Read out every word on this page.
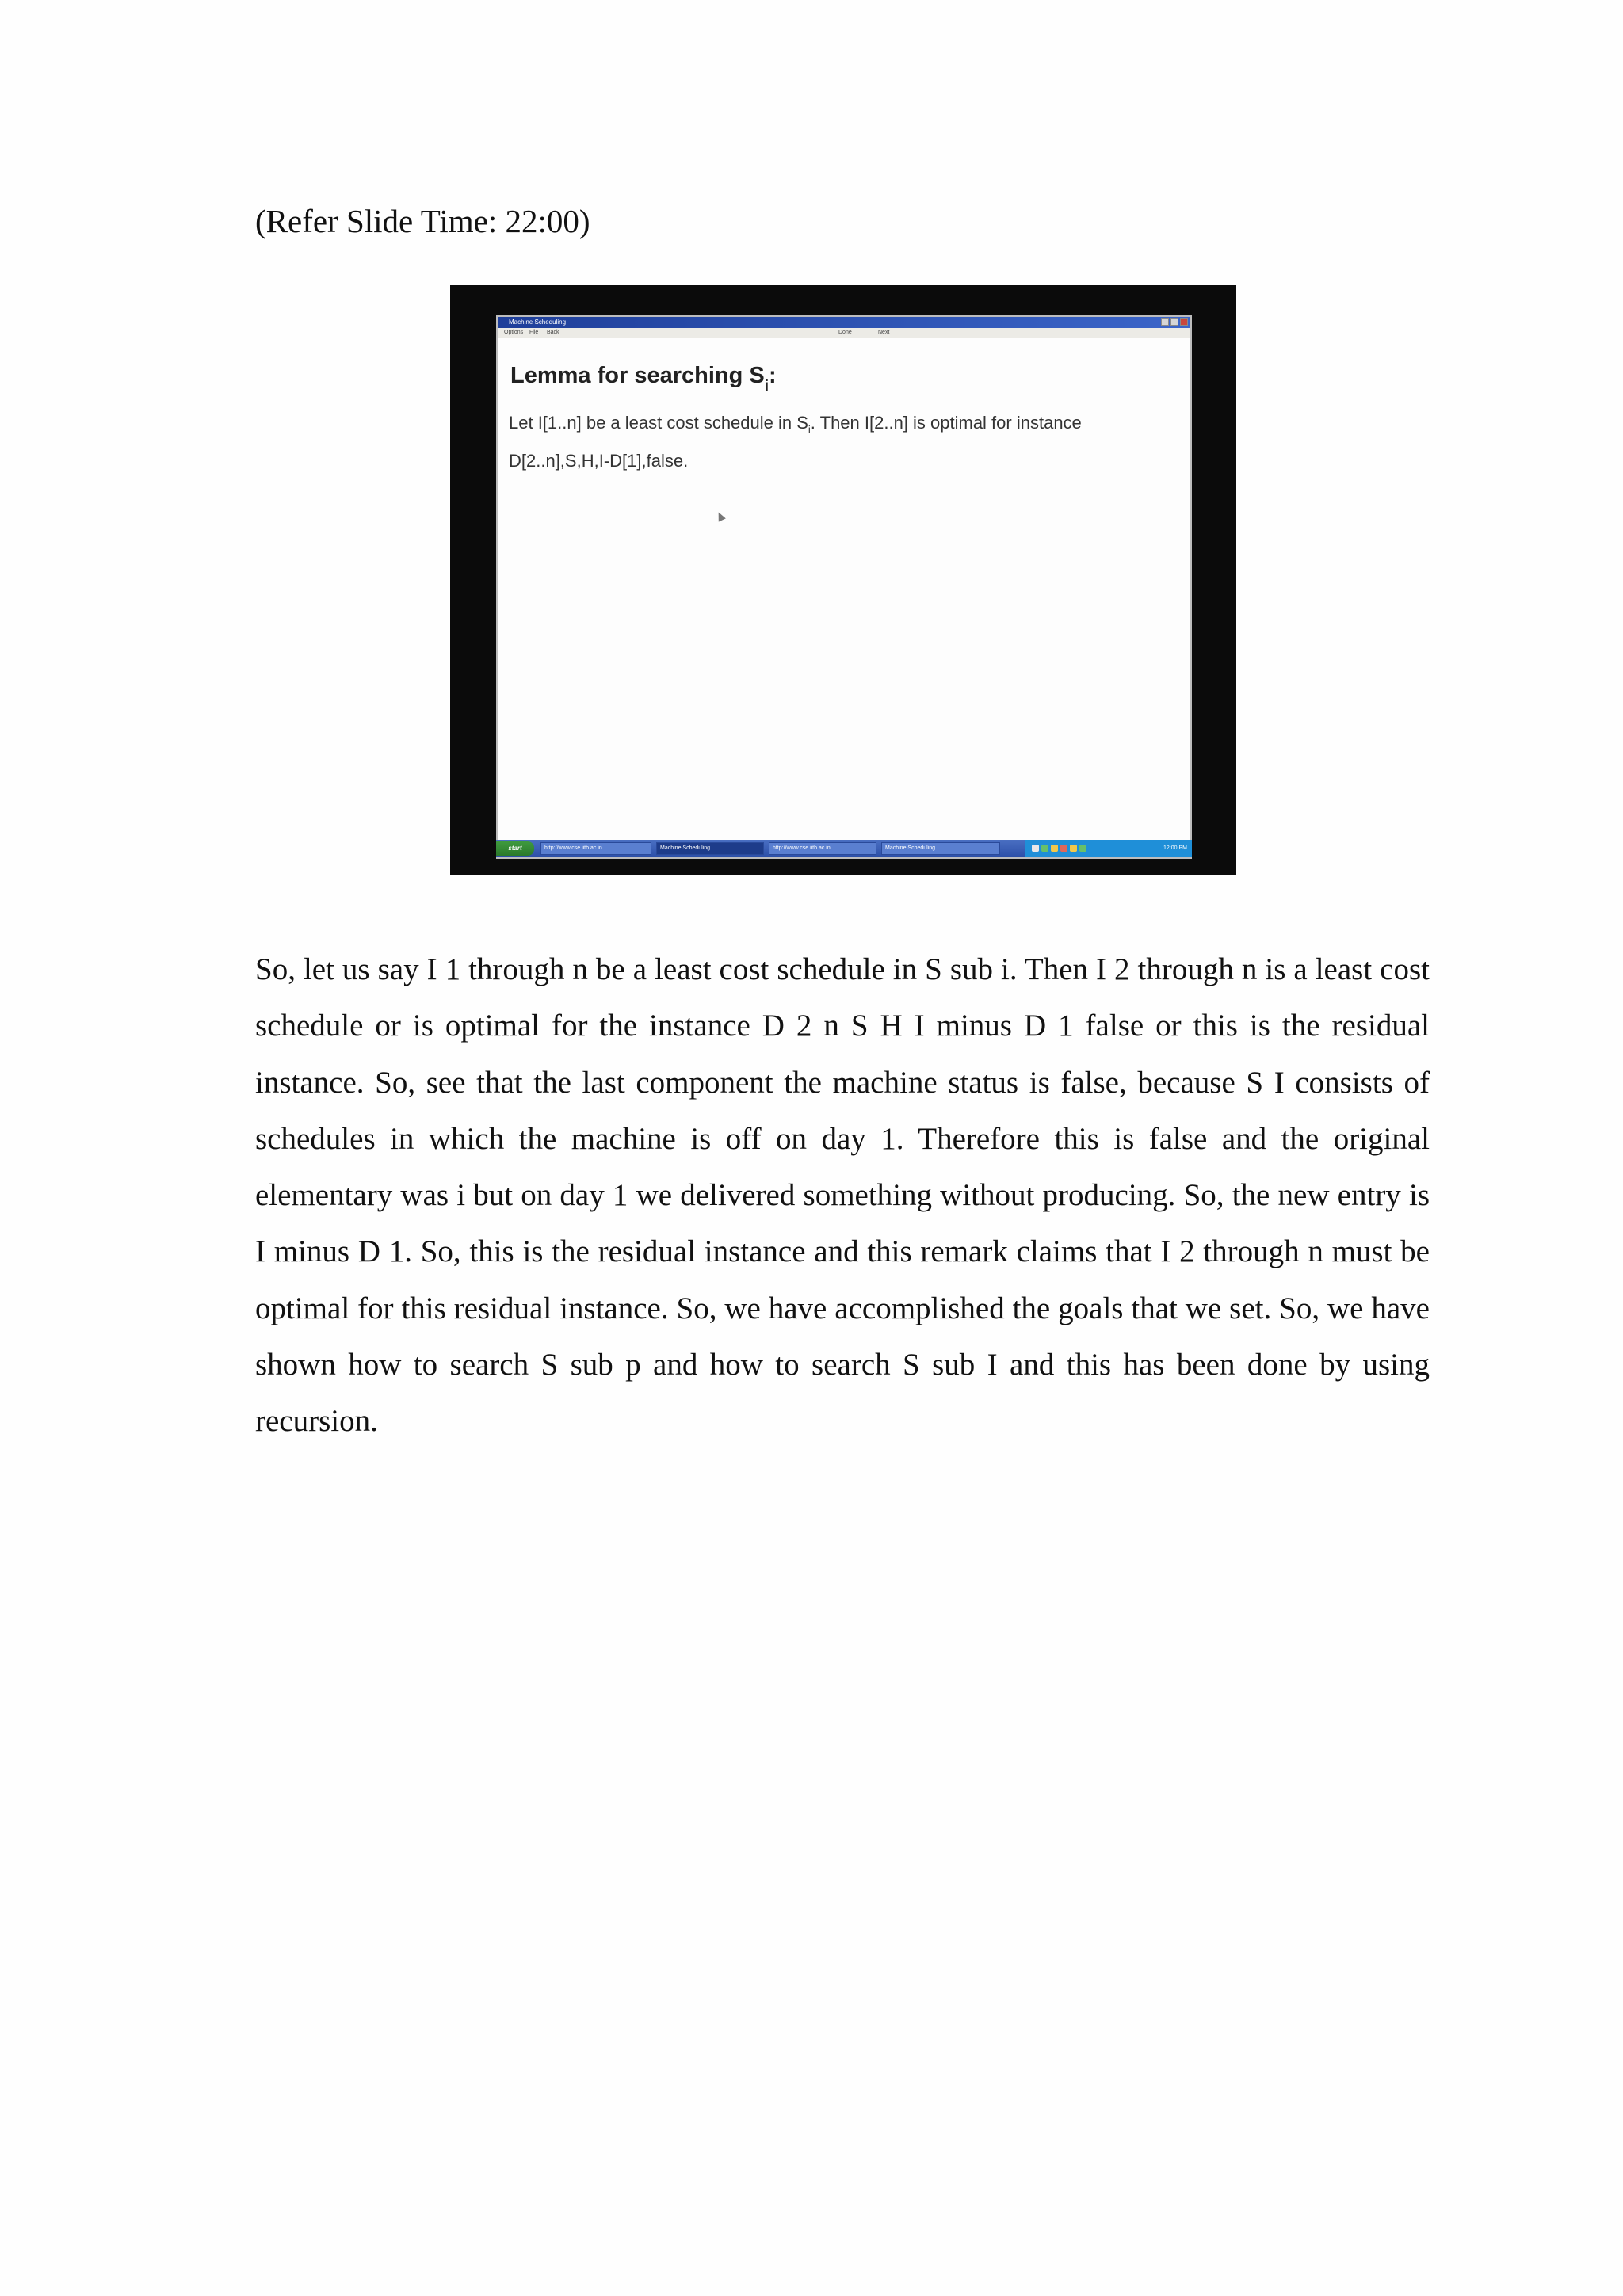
(Refer Slide Time: 22:00)
Machine Scheduling
Options File Back	Done	Next
Lemma for searching $S_i$:
Let I[1..n] be a least cost schedule in $S_i$. Then I[2..n] is optimal for instance
D[2..n],S,H,I-D[1],false.
start	http://www.cse.iitb.ac.in	Machine Scheduling	http://www.cse.iitb.ac.in	Machine Scheduling	12:00 PM
So, let us say I 1 through n be a least cost schedule in S sub i. Then I 2 through n is a least cost schedule or is optimal for the instance D 2 n S H I minus D 1 false or this is the residual instance. So, see that the last component the machine status is false, because S I consists of schedules in which the machine is off on day 1. Therefore this is false and the original elementary was i but on day 1 we delivered something without producing. So, the new entry is I minus D 1. So, this is the residual instance and this remark claims that I 2 through n must be optimal for this residual instance. So, we have accomplished the goals that we set. So, we have shown how to search S sub p and how to search S sub I and this has been done by using recursion.
